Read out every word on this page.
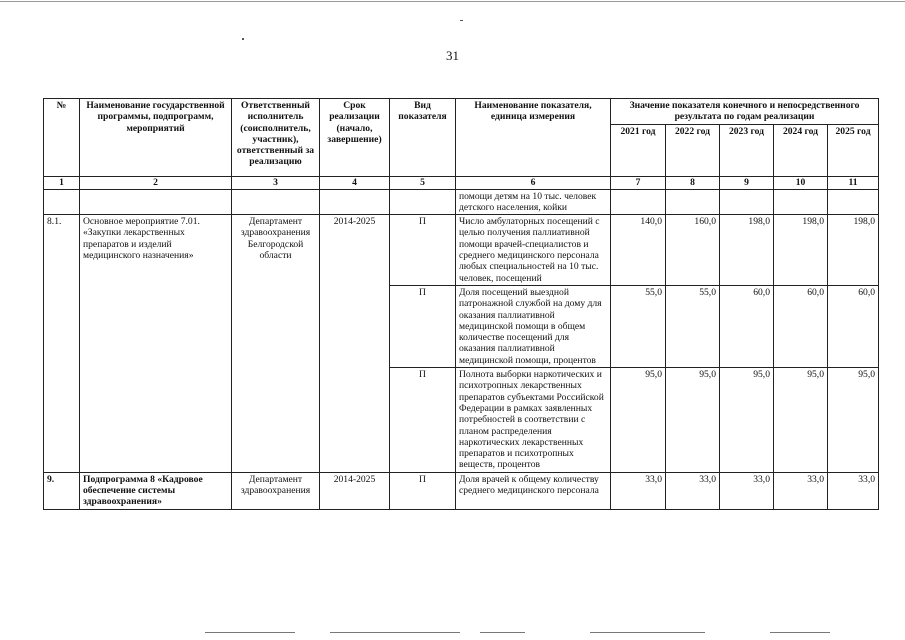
31
№	Наименование государственной программы, подпрограмм, мероприятий	Ответственный исполнитель (соисполнитель, участник), ответственный за реализацию	Срок реализации (начало, завершение)	Вид показателя	Наименование показателя, единица измерения	Значение показателя конечного и непосредственного результата по годам реализации				
						2021 год	2022 год	2023 год	2024 год	2025 год
1	2	3	4	5	6	7	8	9	10	11
					помощи детям на 10 тыс. человек детского населения, койки					
8.1.	Основное мероприятие 7.01. «Закупки лекарственных препаратов и изделий медицинского назначения»	Департамент здравоохранения Белгородской области	2014-2025	П	Число амбулаторных посещений с целью получения паллиативной помощи врачей-специалистов и среднего медицинского персонала любых специальностей на 10 тыс. человек, посещений	140,0	160,0	198,0	198,0	198,0
				П	Доля посещений выездной патронажной службой на дому для оказания паллиативной медицинской помощи в общем количестве посещений для оказания паллиативной медицинской помощи, процентов	55,0	55,0	60,0	60,0	60,0
				П	Полнота выборки наркотических и психотропных лекарственных препаратов субъектами Российской Федерации в рамках заявленных потребностей в соответствии с планом распределения наркотических лекарственных препаратов и психотропных веществ, процентов	95,0	95,0	95,0	95,0	95,0
9.	Подпрограмма 8 «Кадровое обеспечение системы здравоохранения»	Департамент здравоохранения	2014-2025	П	Доля врачей к общему количеству среднего медицинского персонала	33,0	33,0	33,0	33,0	33,0
